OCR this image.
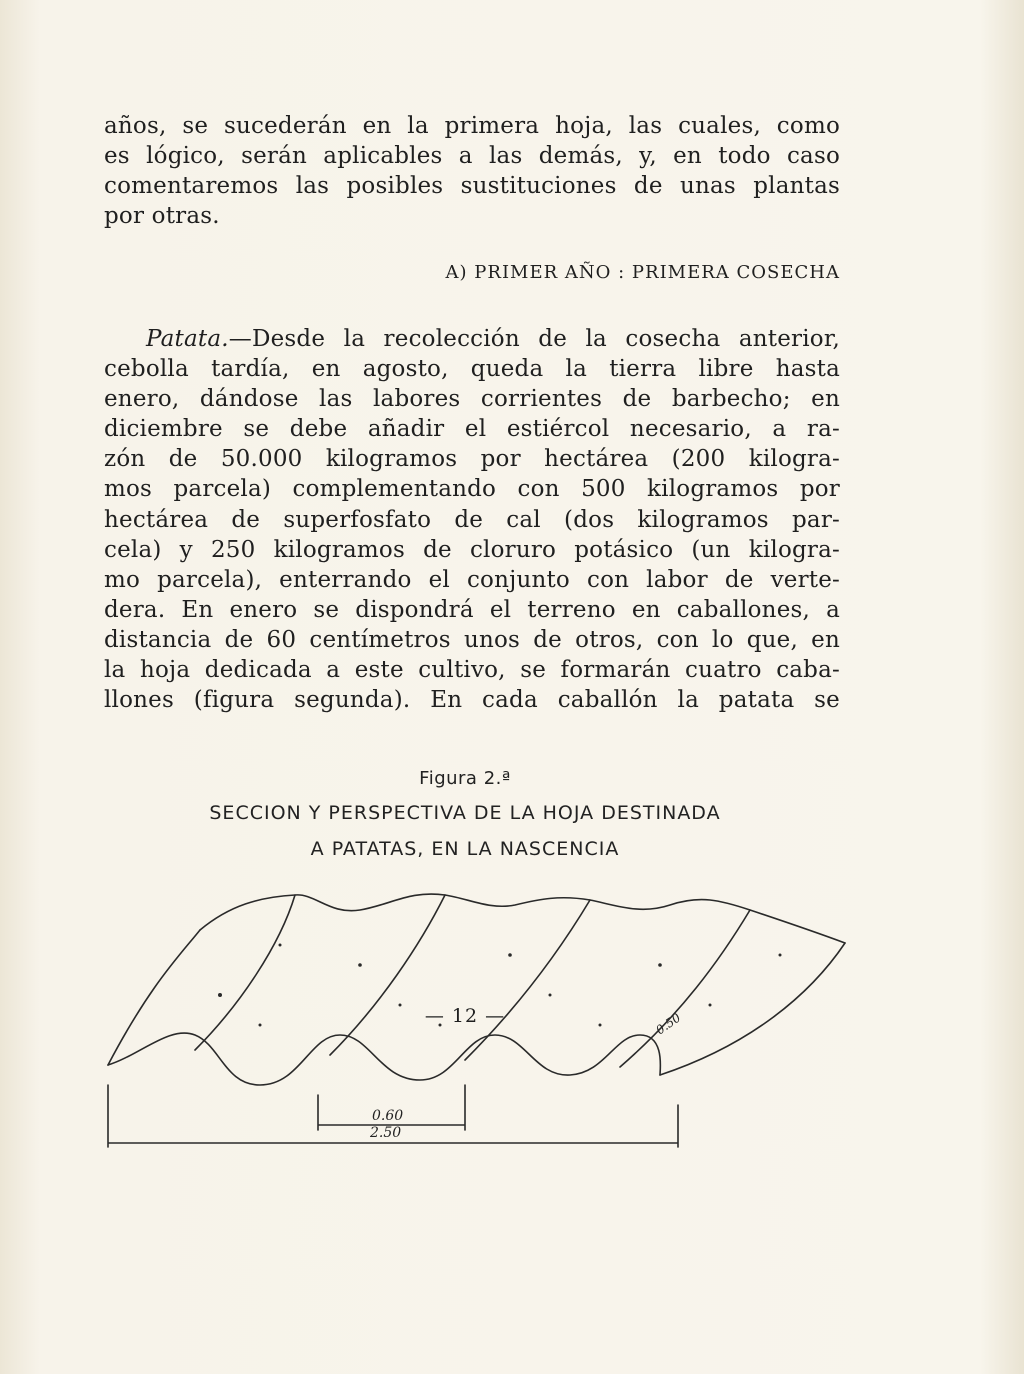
años, se sucederán en la primera hoja, las cuales, como
es lógico, serán aplicables a las demás, y, en todo caso
comentaremos las posibles sustituciones de unas plantas
por otras.
A) PRIMER AÑO : PRIMERA COSECHA
Patata.—Desde la recolección de la cosecha anterior,
cebolla tardía, en agosto, queda la tierra libre hasta
enero, dándose las labores corrientes de barbecho; en
diciembre se debe añadir el estiércol necesario, a ra-
zón de 50.000 kilogramos por hectárea (200 kilogra-
mos parcela) complementando con 500 kilogramos por
hectárea de superfosfato de cal (dos kilogramos par-
cela) y 250 kilogramos de cloruro potásico (un kilogra-
mo parcela), enterrando el conjunto con labor de verte-
dera. En enero se dispondrá el terreno en caballones, a
distancia de 60 centímetros unos de otros, con lo que, en
la hoja dedicada a este cultivo, se formarán cuatro caba-
llones (figura segunda). En cada caballón la patata se
Figura 2.ª
SECCION Y PERSPECTIVA DE LA HOJA DESTINADA
A PATATAS, EN LA NASCENCIA
0.60
2.50
0.50
— 12 —
